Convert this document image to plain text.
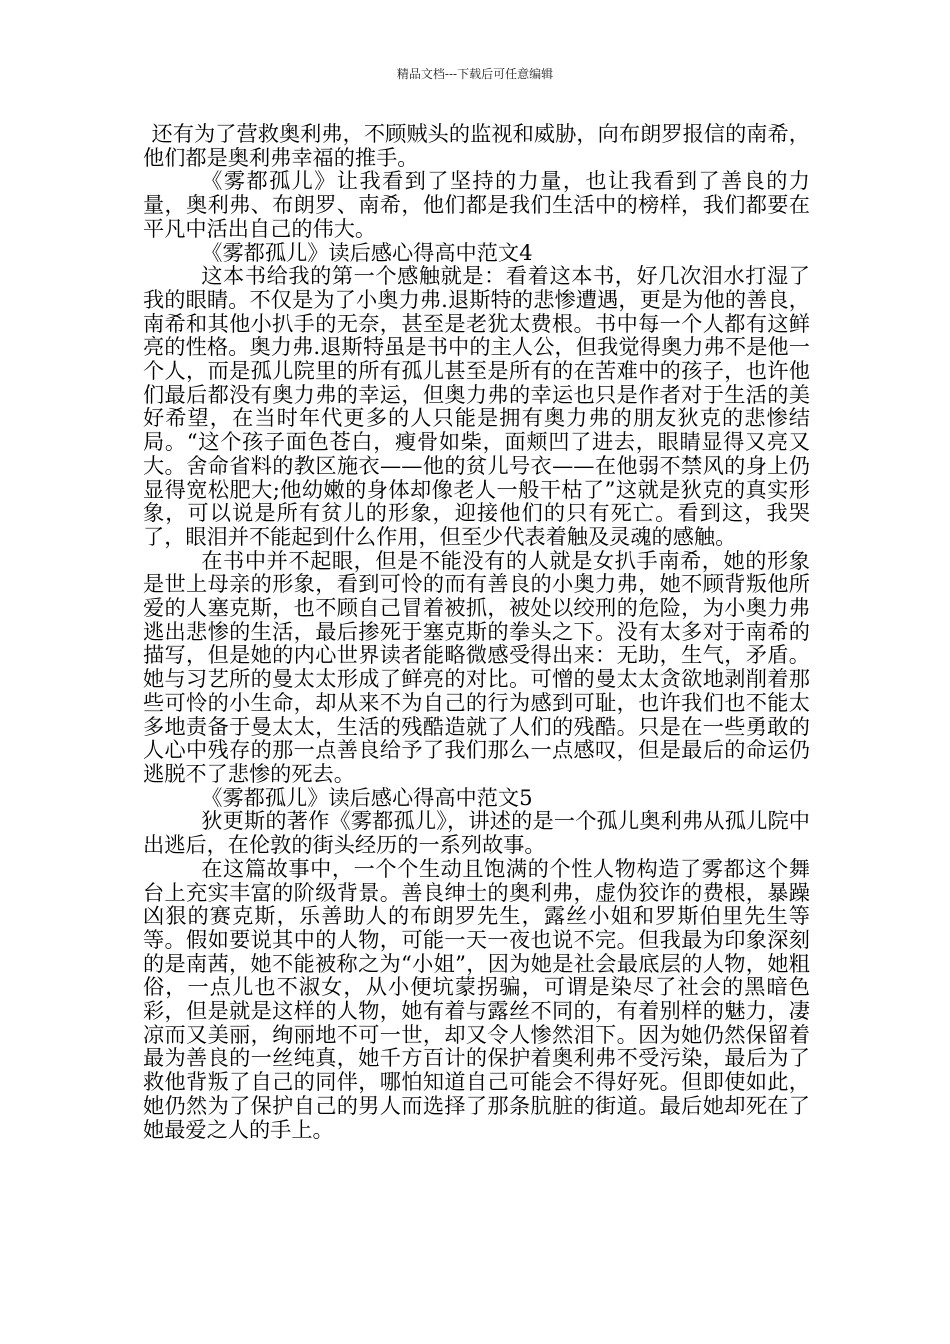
精品文档---下载后可任意编辑

还有为了营救奥利弗，不顾贼头的监视和威胁，向布朗罗报信的南希，他们都是奥利弗幸福的推手。

《雾都孤儿》让我看到了坚持的力量，也让我看到了善良的力量，奥利弗、布朗罗、南希，他们都是我们生活中的榜样，我们都要在平凡中活出自己的伟大。

《雾都孤儿》读后感心得高中范文4

这本书给我的第一个感触就是：看着这本书，好几次泪水打湿了我的眼睛。不仅是为了小奥力弗.退斯特的悲惨遭遇，更是为他的善良，南希和其他小扒手的无奈，甚至是老犹太费根。书中每一个人都有这鲜亮的性格。奥力弗.退斯特虽是书中的主人公，但我觉得奥力弗不是他一个人，而是孤儿院里的所有孤儿甚至是所有的在苦难中的孩子，也许他们最后都没有奥力弗的幸运，但奥力弗的幸运也只是作者对于生活的美好希望，在当时年代更多的人只能是拥有奥力弗的朋友狄克的悲惨结局。“这个孩子面色苍白，瘦骨如柴，面颊凹了进去，眼睛显得又亮又大。舍命省料的教区施衣——他的贫儿号衣——在他弱不禁风的身上仍显得宽松肥大;他幼嫩的身体却像老人一般干枯了”这就是狄克的真实形象，可以说是所有贫儿的形象，迎接他们的只有死亡。看到这，我哭了，眼泪并不能起到什么作用，但至少代表着触及灵魂的感触。

在书中并不起眼，但是不能没有的人就是女扒手南希，她的形象是世上母亲的形象，看到可怜的而有善良的小奥力弗，她不顾背叛他所爱的人塞克斯，也不顾自己冒着被抓，被处以绞刑的危险，为小奥力弗逃出悲惨的生活，最后掺死于塞克斯的拳头之下。没有太多对于南希的描写，但是她的内心世界读者能略微感受得出来：无助，生气，矛盾。她与习艺所的曼太太形成了鲜亮的对比。可憎的曼太太贪欲地剥削着那些可怜的小生命，却从来不为自己的行为感到可耻，也许我们也不能太多地责备于曼太太，生活的残酷造就了人们的残酷。只是在一些勇敢的人心中残存的那一点善良给予了我们那么一点感叹，但是最后的命运仍逃脱不了悲惨的死去。

《雾都孤儿》读后感心得高中范文5

狄更斯的著作《雾都孤儿》，讲述的是一个孤儿奥利弗从孤儿院中出逃后，在伦敦的街头经历的一系列故事。

在这篇故事中，一个个生动且饱满的个性人物构造了雾都这个舞台上充实丰富的阶级背景。善良绅士的奥利弗，虚伪狡诈的费根，暴躁凶狠的赛克斯，乐善助人的布朗罗先生，露丝小姐和罗斯伯里先生等等。假如要说其中的人物，可能一天一夜也说不完。但我最为印象深刻的是南茜，她不能被称之为“小姐”，因为她是社会最底层的人物，她粗俗，一点儿也不淑女，从小便坑蒙拐骗，可谓是染尽了社会的黑暗色彩，但是就是这样的人物，她有着与露丝不同的，有着别样的魅力，凄凉而又美丽，绚丽地不可一世，却又令人惨然泪下。因为她仍然保留着最为善良的一丝纯真，她千方百计的保护着奥利弗不受污染，最后为了救他背叛了自己的同伴，哪怕知道自己可能会不得好死。但即使如此，她仍然为了保护自己的男人而选择了那条肮脏的街道。最后她却死在了她最爱之人的手上。
